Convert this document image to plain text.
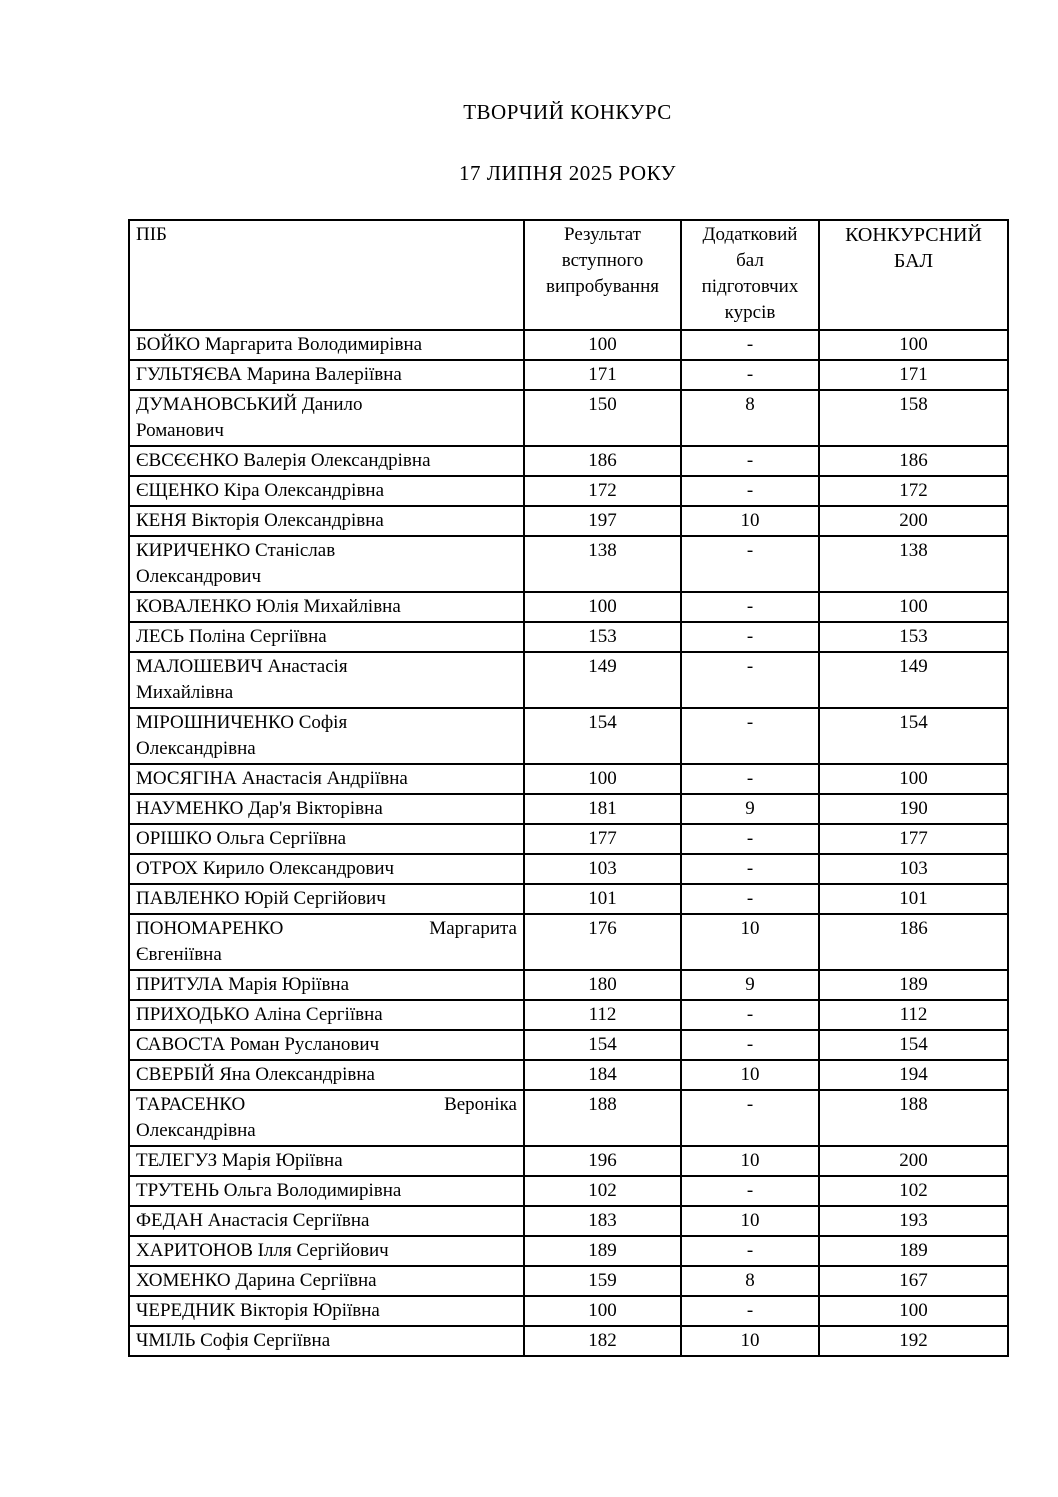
ТВОРЧИЙ КОНКУРС
17 ЛИПНЯ 2025 РОКУ
ПІБ	Результат вступного випробування	Додатковий бал підготовчих курсів	КОНКУРСНИЙ БАЛ

БОЙКО Маргарита Володимирівна	100	-	100

ГУЛЬТЯЄВА Марина Валеріївна	171	-	171

ДУМАНОВСЬКИЙ Данило
Романович	150	8	158

ЄВСЄЄНКО Валерія Олександрівна	186	-	186

ЄЩЕНКО Кіра Олександрівна	172	-	172

КЕНЯ Вікторія Олександрівна	197	10	200

КИРИЧЕНКО Станіслав
Олександрович	138	-	138

КОВАЛЕНКО Юлія Михайлівна	100	-	100

ЛЕСЬ Поліна Сергіївна	153	-	153

МАЛОШЕВИЧ Анастасія
Михайлівна	149	-	149

МІРОШНИЧЕНКО Софія
Олександрівна	154	-	154

МОСЯГІНА Анастасія Андріївна	100	-	100

НАУМЕНКО Дар'я Вікторівна	181	9	190

ОРІШКО Ольга Сергіївна	177	-	177

ОТРОХ Кирило Олександрович	103	-	103

ПАВЛЕНКО Юрій Сергійович	101	-	101

ПОНОМАРЕНКО Маргарита
Євгеніївна	176	10	186

ПРИТУЛА Марія Юріївна	180	9	189

ПРИХОДЬКО Аліна Сергіївна	112	-	112

САВОСТА Роман Русланович	154	-	154

СВЕРБІЙ Яна Олександрівна	184	10	194

ТАРАСЕНКО Вероніка
Олександрівна	188	-	188

ТЕЛЕГУЗ Марія Юріївна	196	10	200

ТРУТЕНЬ Ольга Володимирівна	102	-	102

ФЕДАН Анастасія Сергіївна	183	10	193

ХАРИТОНОВ Ілля Сергійович	189	-	189

ХОМЕНКО Дарина Сергіївна	159	8	167

ЧЕРЕДНИК Вікторія Юріївна	100	-	100

ЧМІЛЬ Софія Сергіївна	182	10	192
